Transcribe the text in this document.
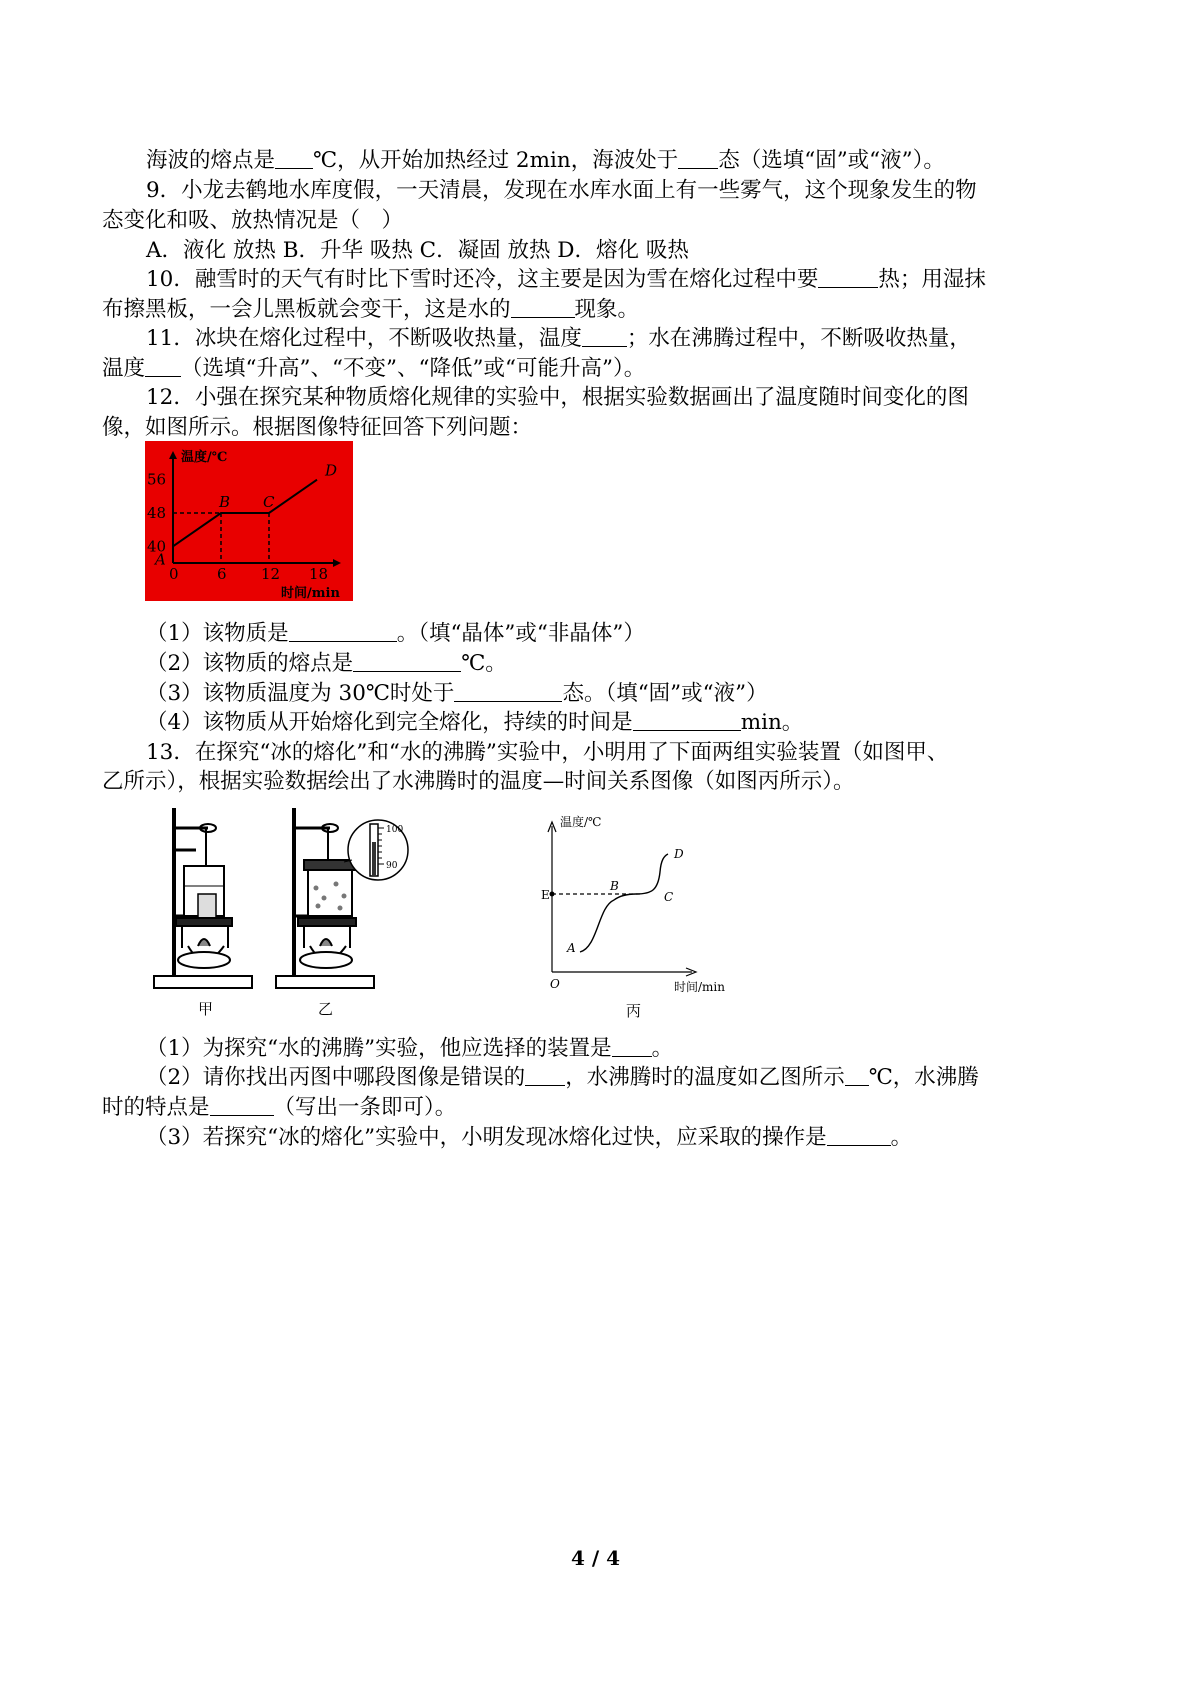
海波的熔点是 ℃，从开始加热经过 2min，海波处于 态（选填“固”或“液”）。
9．小龙去鹤地水库度假，一天清晨，发现在水库水面上有一些雾气，这个现象发生的物
态变化和吸、放热情况是（　）
A．液化 放热 B．升华 吸热 C．凝固 放热 D．熔化 吸热
10．融雪时的天气有时比下雪时还冷，这主要是因为雪在熔化过程中要	热；用湿抹
布擦黑板，一会儿黑板就会变干，这是水的	现象。
11．冰块在熔化过程中，不断吸收热量，温度 ；水在沸腾过程中，不断吸收热量，
温度 （选填“升高”、“不变”、“降低”或“可能升高”）。
12．小强在探究某种物质熔化规律的实验中，根据实验数据画出了温度随时间变化的图
像，如图所示。根据图像特征回答下列问题：
（1）该物质是	。（填“晶体”或“非晶体”）
（2）该物质的熔点是	℃。
（3）该物质温度为 30℃时处于	态。（填“固”或“液”）
（4）该物质从开始熔化到完全熔化，持续的时间是	min。
13．在探究“冰的熔化”和“水的沸腾”实验中，小明用了下面两组实验装置（如图甲、
乙所示），根据实验数据绘出了水沸腾时的温度—时间关系图像（如图丙所示）。
（1）为探究“水的沸腾”实验，他应选择的装置是 。
（2）请你找出丙图中哪段图像是错误的 ，水沸腾时的温度如乙图所示 ℃，水沸腾
时的特点是	（写出一条即可）。
（3）若探究“冰的熔化”实验中，小明发现冰熔化过快，应采取的操作是	。
0	6 12 18
40
48
56
A
B C
D
温度/℃
时间/min
100
90
甲	乙
温度/℃
时间/min
O
E
A
B
C
D
丙
4 / 4
